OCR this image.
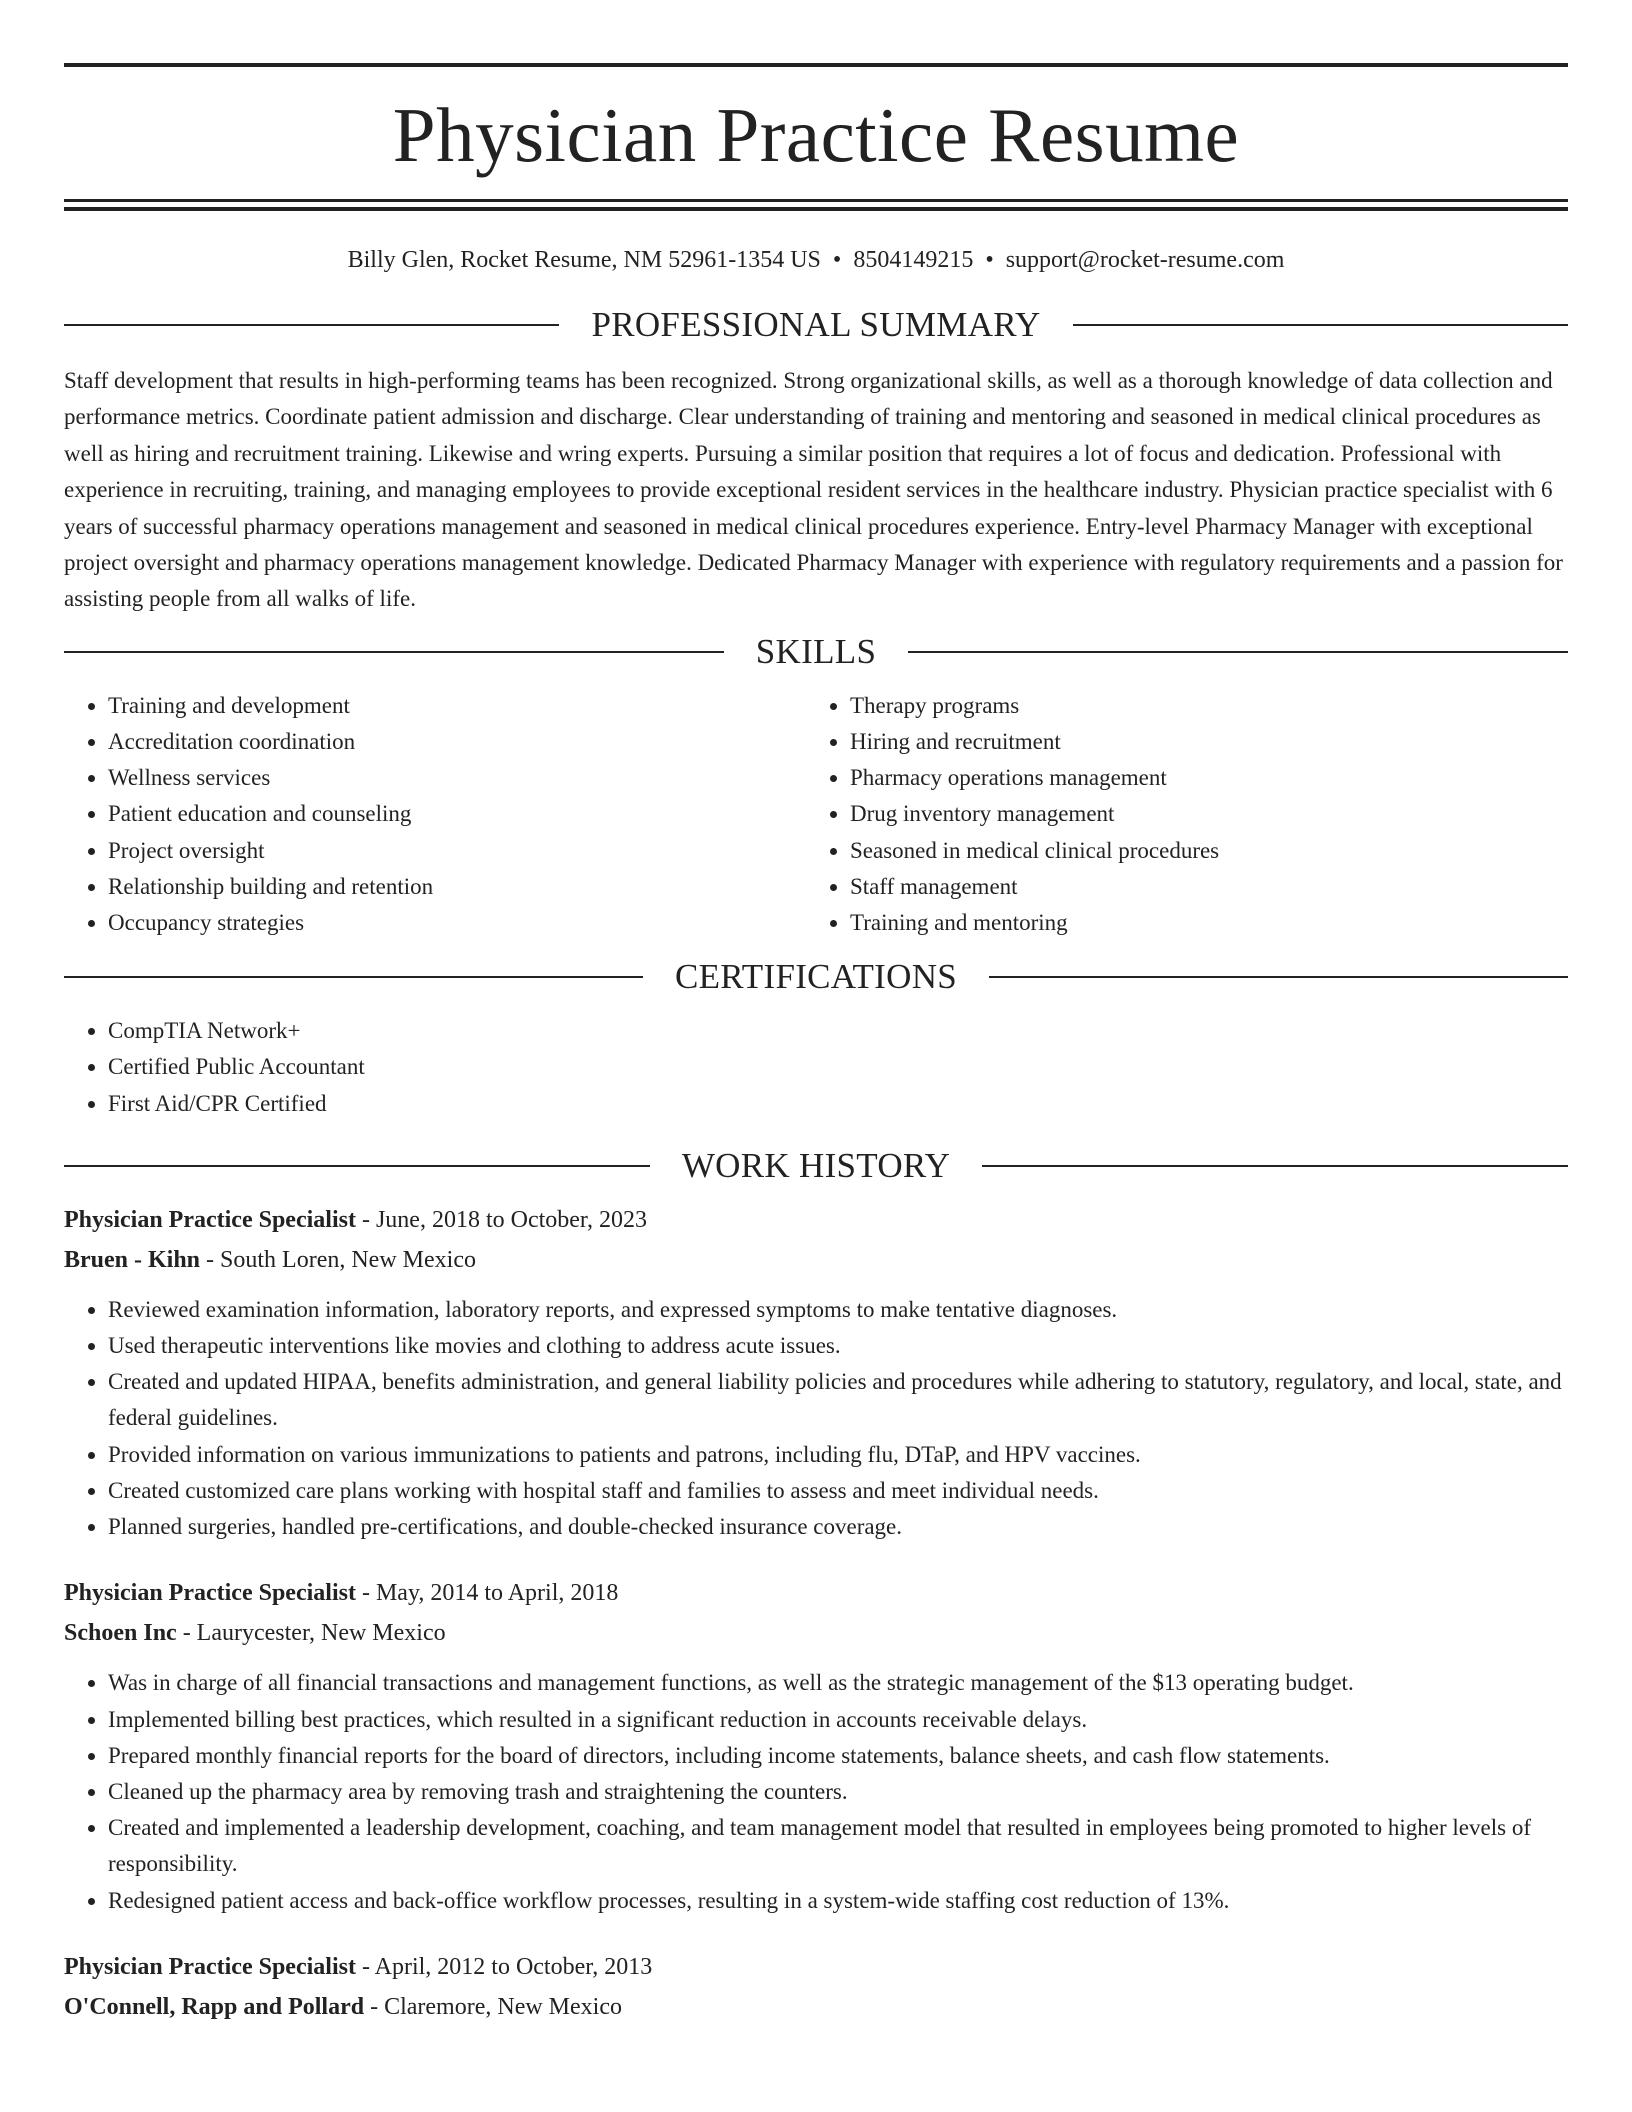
Physician Practice Resume
Billy Glen, Rocket Resume, NM 52961-1354 US • 8504149215 • support@rocket-resume.com
PROFESSIONAL SUMMARY

Staff development that results in high-performing teams has been recognized. Strong organizational skills, as well as a thorough knowledge of data collection and performance metrics. Coordinate patient admission and discharge. Clear understanding of training and mentoring and seasoned in medical clinical procedures as well as hiring and recruitment training. Likewise and wring experts. Pursuing a similar position that requires a lot of focus and dedication. Professional with experience in recruiting, training, and managing employees to provide exceptional resident services in the healthcare industry. Physician practice specialist with 6 years of successful pharmacy operations management and seasoned in medical clinical procedures experience. Entry-level Pharmacy Manager with exceptional project oversight and pharmacy operations management knowledge. Dedicated Pharmacy Manager with experience with regulatory requirements and a passion for assisting people from all walks of life.

SKILLS
• Training and development
• Accreditation coordination
• Wellness services
• Patient education and counseling
• Project oversight
• Relationship building and retention
• Occupancy strategies
• Therapy programs
• Hiring and recruitment
• Pharmacy operations management
• Drug inventory management
• Seasoned in medical clinical procedures
• Staff management
• Training and mentoring
CERTIFICATIONS
• CompTIA Network+
• Certified Public Accountant
• First Aid/CPR Certified
WORK HISTORY
Physician Practice Specialist - June, 2018 to October, 2023
Bruen - Kihn - South Loren, New Mexico
• Reviewed examination information, laboratory reports, and expressed symptoms to make tentative diagnoses.
• Used therapeutic interventions like movies and clothing to address acute issues.
• Created and updated HIPAA, benefits administration, and general liability policies and procedures while adhering to statutory, regulatory, and local, state, and federal guidelines.
• Provided information on various immunizations to patients and patrons, including flu, DTaP, and HPV vaccines.
• Created customized care plans working with hospital staff and families to assess and meet individual needs.
• Planned surgeries, handled pre-certifications, and double-checked insurance coverage.
Physician Practice Specialist - May, 2014 to April, 2018
Schoen Inc - Laurycester, New Mexico
• Was in charge of all financial transactions and management functions, as well as the strategic management of the $13 operating budget.
• Implemented billing best practices, which resulted in a significant reduction in accounts receivable delays.
• Prepared monthly financial reports for the board of directors, including income statements, balance sheets, and cash flow statements.
• Cleaned up the pharmacy area by removing trash and straightening the counters.
• Created and implemented a leadership development, coaching, and team management model that resulted in employees being promoted to higher levels of responsibility.
• Redesigned patient access and back-office workflow processes, resulting in a system-wide staffing cost reduction of 13%.
Physician Practice Specialist - April, 2012 to October, 2013
O'Connell, Rapp and Pollard - Claremore, New Mexico
